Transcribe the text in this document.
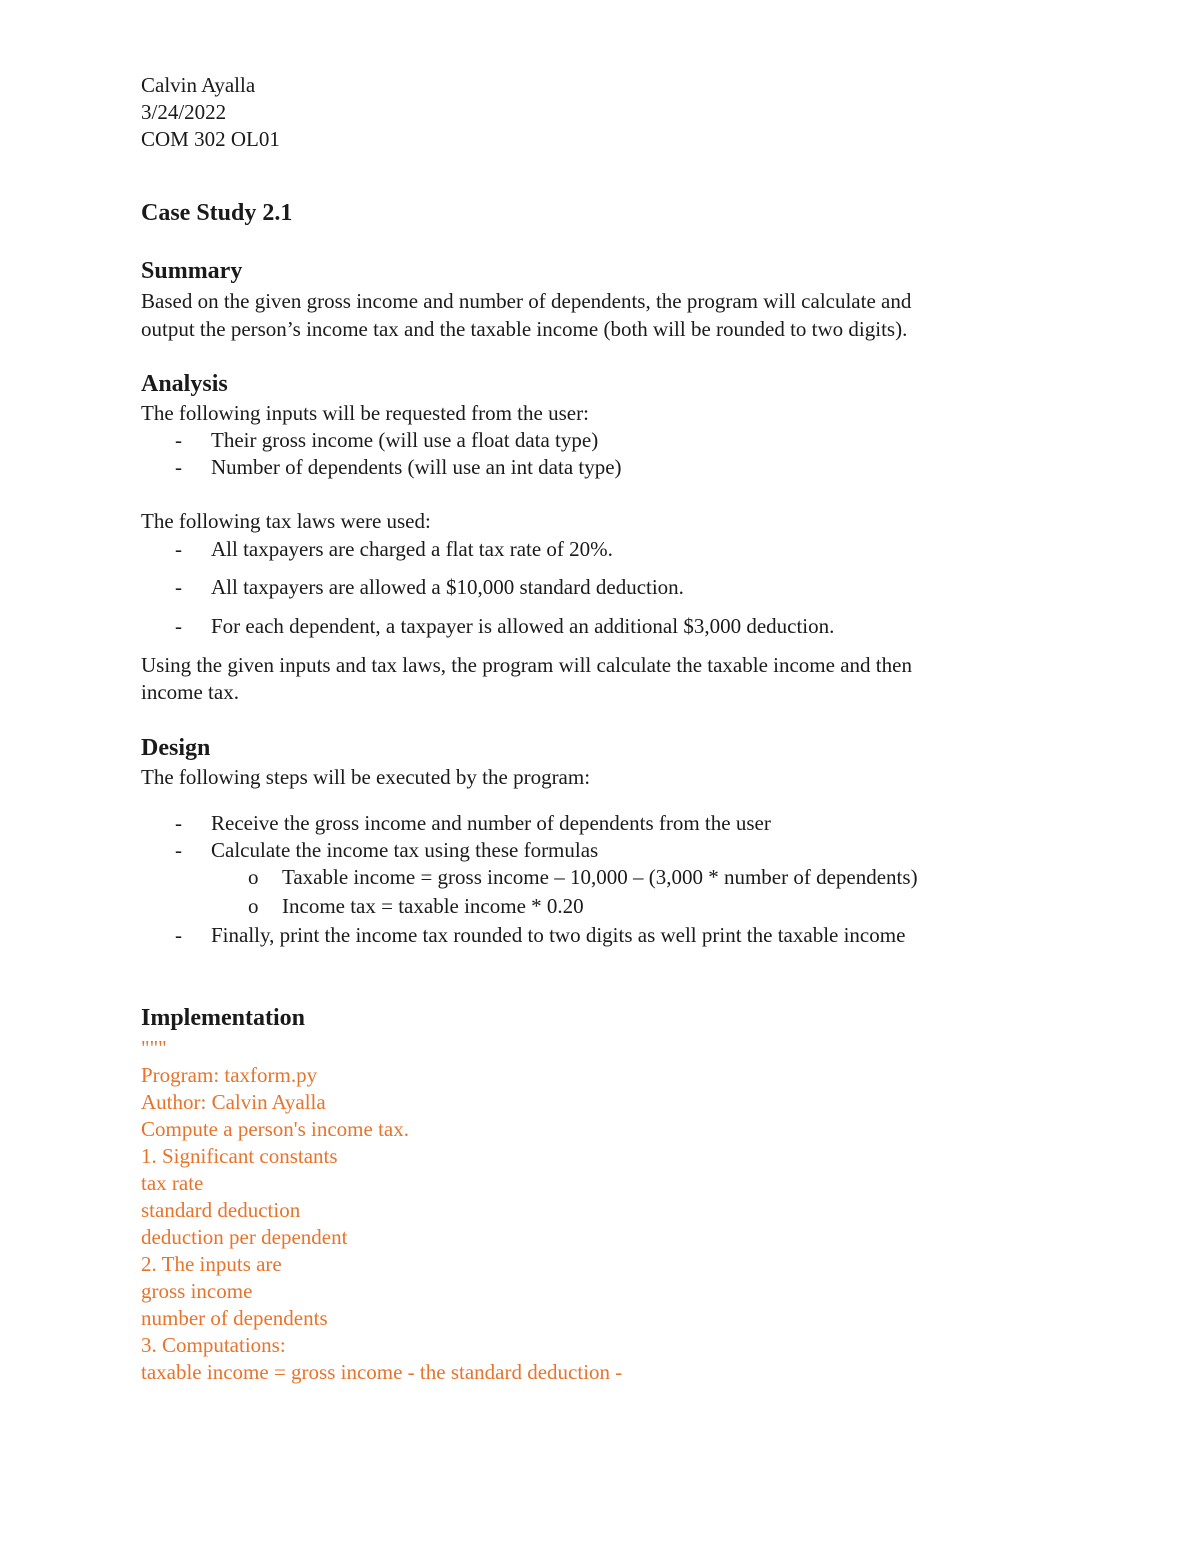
Calvin Ayalla
3/24/2022
COM 302 OL01
Case Study 2.1
Summary
Based on the given gross income and number of dependents, the program will calculate and
output the person’s income tax and the taxable income (both will be rounded to two digits).
Analysis
The following inputs will be requested from the user:
- Their gross income (will use a float data type)
- Number of dependents (will use an int data type)
The following tax laws were used:
- All taxpayers are charged a flat tax rate of 20%.
- All taxpayers are allowed a $10,000 standard deduction.
- For each dependent, a taxpayer is allowed an additional $3,000 deduction.
Using the given inputs and tax laws, the program will calculate the taxable income and then
income tax.
Design
The following steps will be executed by the program:
- Receive the gross income and number of dependents from the user
- Calculate the income tax using these formulas
o Taxable income = gross income – 10,000 – (3,000 * number of dependents)
o Income tax = taxable income * 0.20
- Finally, print the income tax rounded to two digits as well print the taxable income
Implementation
"""
Program: taxform.py
Author: Calvin Ayalla
Compute a person's income tax.
1. Significant constants
tax rate
standard deduction
deduction per dependent
2. The inputs are
gross income
number of dependents
3. Computations:
taxable income = gross income - the standard deduction -
